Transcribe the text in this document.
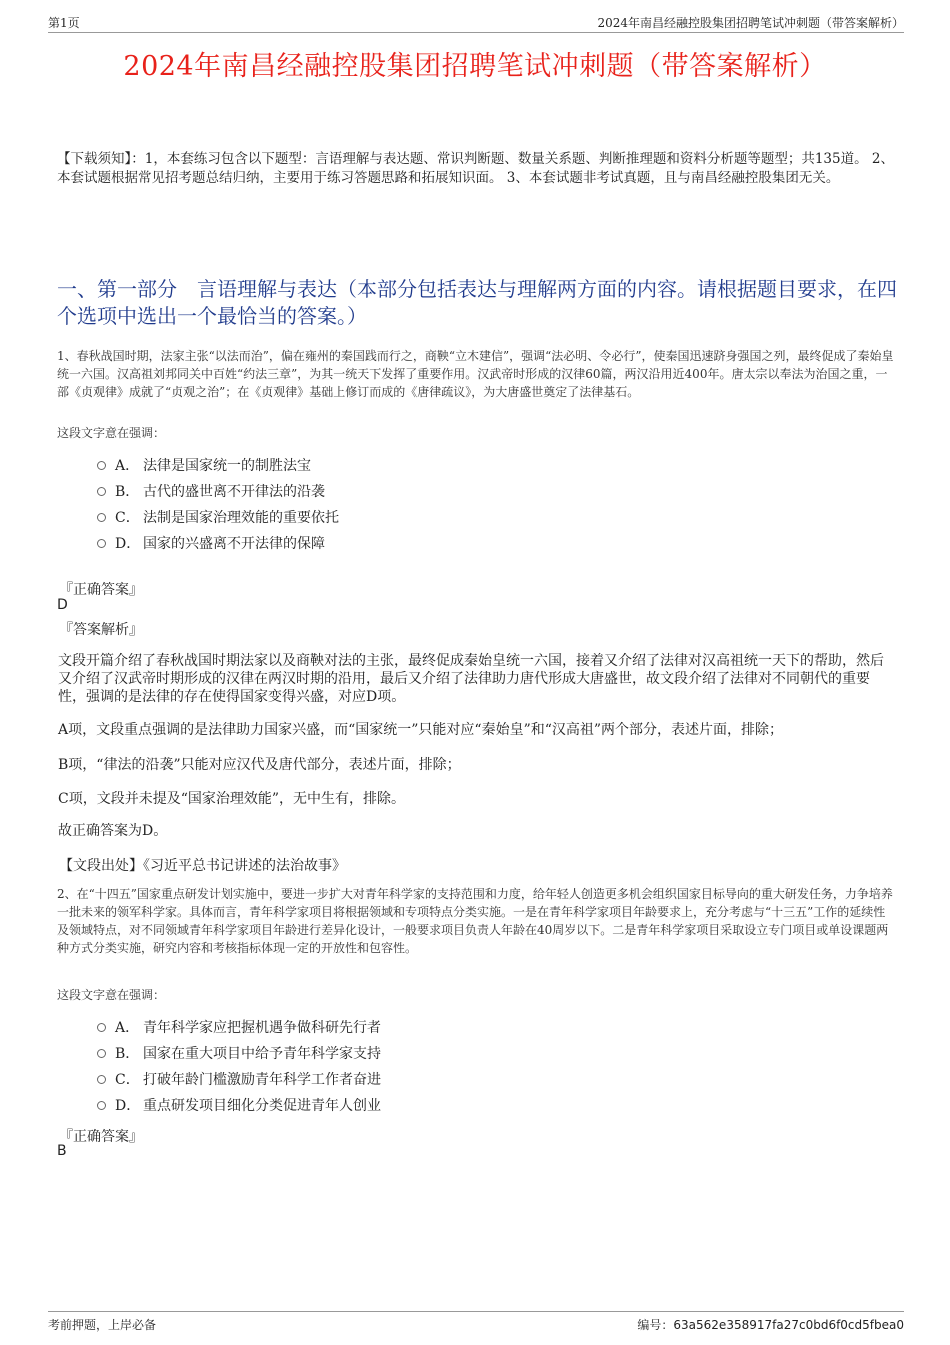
第1页	2024年南昌经融控股集团招聘笔试冲刺题（带答案解析）
2024年南昌经融控股集团招聘笔试冲刺题（带答案解析）
【下载须知】：1，本套练习包含以下题型：言语理解与表达题、常识判断题、数量关系题、判断推理题和资料分析题等题型；共135道。 2、本套试题根据常见招考题总结归纳，主要用于练习答题思路和拓展知识面。 3、本套试题非考试真题，且与南昌经融控股集团无关。
一、第一部分　言语理解与表达（本部分包括表达与理解两方面的内容。请根据题目要求，在四个选项中选出一个最恰当的答案。）
1、春秋战国时期，法家主张“以法而治”，偏在雍州的秦国践而行之，商鞅“立木建信”，强调“法必明、令必行”，使秦国迅速跻身强国之列，最终促成了秦始皇统一六国。汉高祖刘邦同关中百姓“约法三章”，为其一统天下发挥了重要作用。汉武帝时形成的汉律60篇，两汉沿用近400年。唐太宗以奉法为治国之重，一部《贞观律》成就了“贞观之治”；在《贞观律》基础上修订而成的《唐律疏议》，为大唐盛世奠定了法律基石。
这段文字意在强调：
A． 法律是国家统一的制胜法宝
B． 古代的盛世离不开律法的沿袭
C． 法制是国家治理效能的重要依托
D． 国家的兴盛离不开法律的保障
『正确答案』
D
『答案解析』
文段开篇介绍了春秋战国时期法家以及商鞅对法的主张，最终促成秦始皇统一六国，接着又介绍了法律对汉高祖统一天下的帮助，然后又介绍了汉武帝时期形成的汉律在两汉时期的沿用，最后又介绍了法律助力唐代形成大唐盛世，故文段介绍了法律对不同朝代的重要性，强调的是法律的存在使得国家变得兴盛，对应D项。
A项，文段重点强调的是法律助力国家兴盛，而“国家统一”只能对应“秦始皇”和“汉高祖”两个部分，表述片面，排除；
B项，“律法的沿袭”只能对应汉代及唐代部分，表述片面，排除；
C项，文段并未提及“国家治理效能”，无中生有，排除。
故正确答案为D。
【文段出处】《习近平总书记讲述的法治故事》
2、在“十四五”国家重点研发计划实施中，要进一步扩大对青年科学家的支持范围和力度，给年轻人创造更多机会组织国家目标导向的重大研发任务，力争培养一批未来的领军科学家。具体而言，青年科学家项目将根据领域和专项特点分类实施。一是在青年科学家项目年龄要求上，充分考虑与“十三五”工作的延续性及领域特点，对不同领域青年科学家项目年龄进行差异化设计，一般要求项目负责人年龄在40周岁以下。二是青年科学家项目采取设立专门项目或单设课题两种方式分类实施，研究内容和考核指标体现一定的开放性和包容性。
这段文字意在强调：
A． 青年科学家应把握机遇争做科研先行者
B． 国家在重大项目中给予青年科学家支持
C． 打破年龄门槛激励青年科学工作者奋进
D． 重点研发项目细化分类促进青年人创业
『正确答案』
B
考前押题，上岸必备	编号：63a562e358917fa27c0bd6f0cd5fbea0
